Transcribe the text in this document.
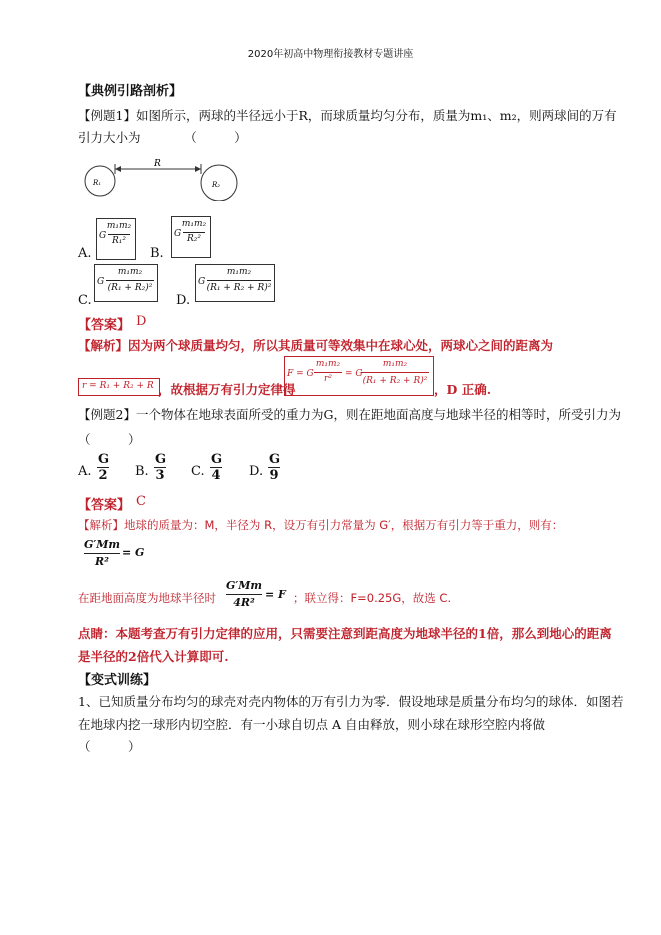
2020年初高中物理衔接教材专题讲座
【典例引路剖析】
【例题1】如图所示，两球的半径远小于R，而球质量均匀分布，质量为m₁、m₂，则两球间的万有
引力大小为　　　　（　　　）
R
R₁	R₂
A.
G
m₁m₂
R₁²
B.
G
m₁m₂
R₂²
C.
G
m₁m₂
(R₁ + R₂)²
D.
G
m₁m₂
(R₁ + R₂ + R)²
【答案】 D
【解析】因为两个球质量均匀，所以其质量可等效集中在球心处，两球心之间的距离为
r = R₁ + R₂ + R ，故根据万有引力定律得
F = G
m₁m₂
r²	= G
m₁m₂
(R₁ + R₂ + R)²
，D 正确.
【例题2】一个物体在地球表面所受的重力为G，则在距地面高度与地球半径的相等时，所受引力为
（　　　）
A. $\frac{G}{2} B$. $\frac{G}{3} C$. $\frac{G}{4} D$. $\frac{G}{9}$
【答案】 C
【解析】地球的质量为：M，半径为 R，设万有引力常量为 G′，根据万有引力等于重力，则有：
G′Mm
R²
= G
在距地面高度为地球半径时
G′Mm
4R²
= F ；联立得：F=0.25G，故选 C.
点睛：本题考查万有引力定律的应用，只需要注意到距高度为地球半径的1倍，那么到地心的距离
是半径的2倍代入计算即可.
【变式训练】
1、已知质量分布均匀的球壳对壳内物体的万有引力为零．假设地球是质量分布均匀的球体．如图若
在地球内挖一球形内切空腔．有一小球自切点 A 自由释放，则小球在球形空腔内将做
（　　　）
